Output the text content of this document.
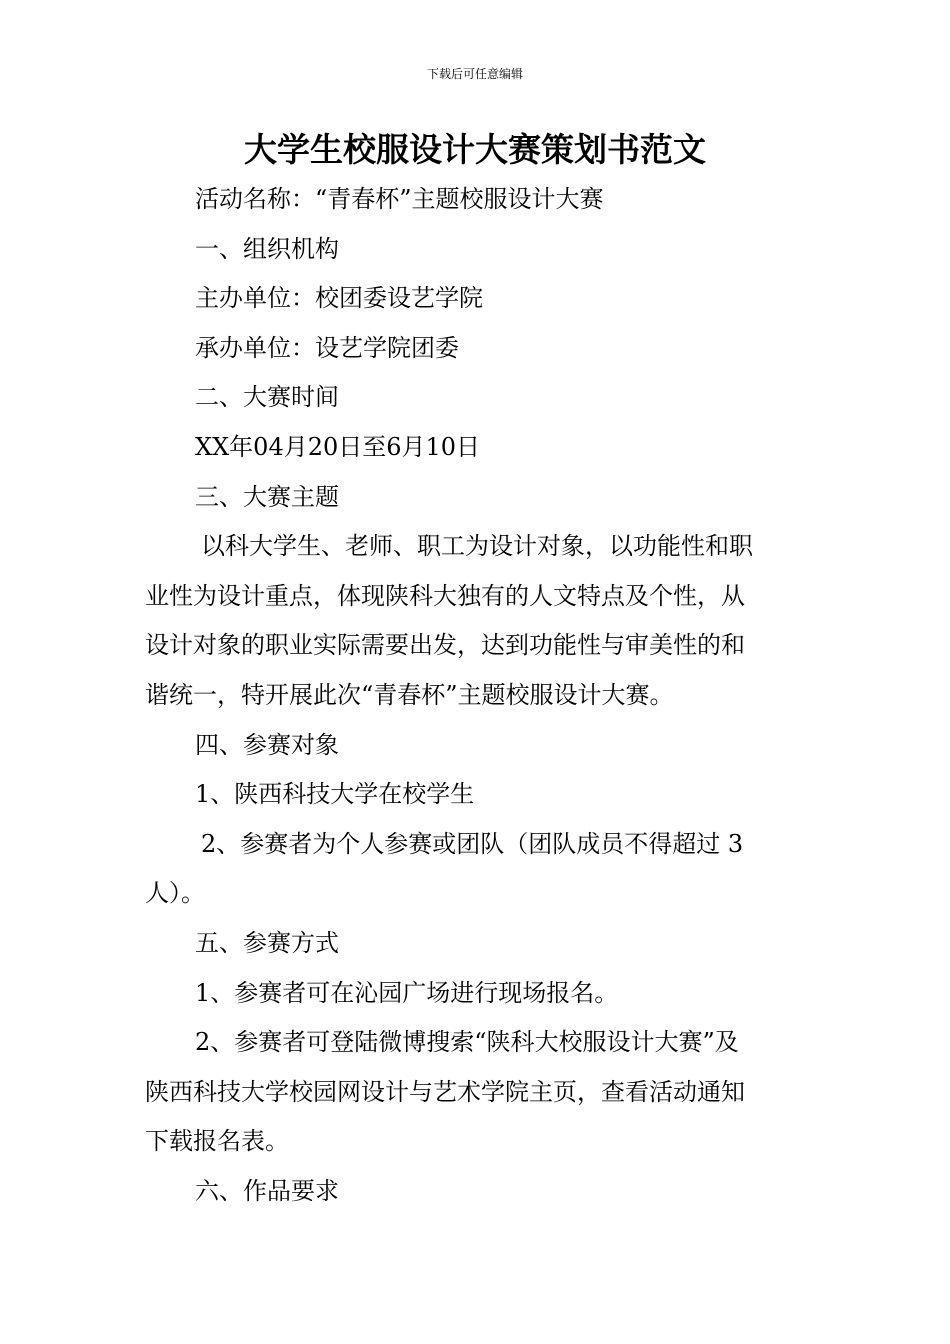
下载后可任意编辑
大学生校服设计大赛策划书范文

活动名称：“青春杯”主题校服设计大赛

一、组织机构

主办单位：校团委设艺学院

承办单位：设艺学院团委

二、大赛时间

XX年04月20日至6月10日

三、大赛主题

以科大学生、老师、职工为设计对象，以功能性和职

业性为设计重点，体现陕科大独有的人文特点及个性，从

设计对象的职业实际需要出发，达到功能性与审美性的和

谐统一，特开展此次“青春杯”主题校服设计大赛。

四、参赛对象

1、陕西科技大学在校学生

2、参赛者为个人参赛或团队（团队成员不得超过 3

人）。

五、参赛方式

1、参赛者可在沁园广场进行现场报名。

2、参赛者可登陆微博搜索“陕科大校服设计大赛”及

陕西科技大学校园网设计与艺术学院主页，查看活动通知

下载报名表。

六、作品要求
